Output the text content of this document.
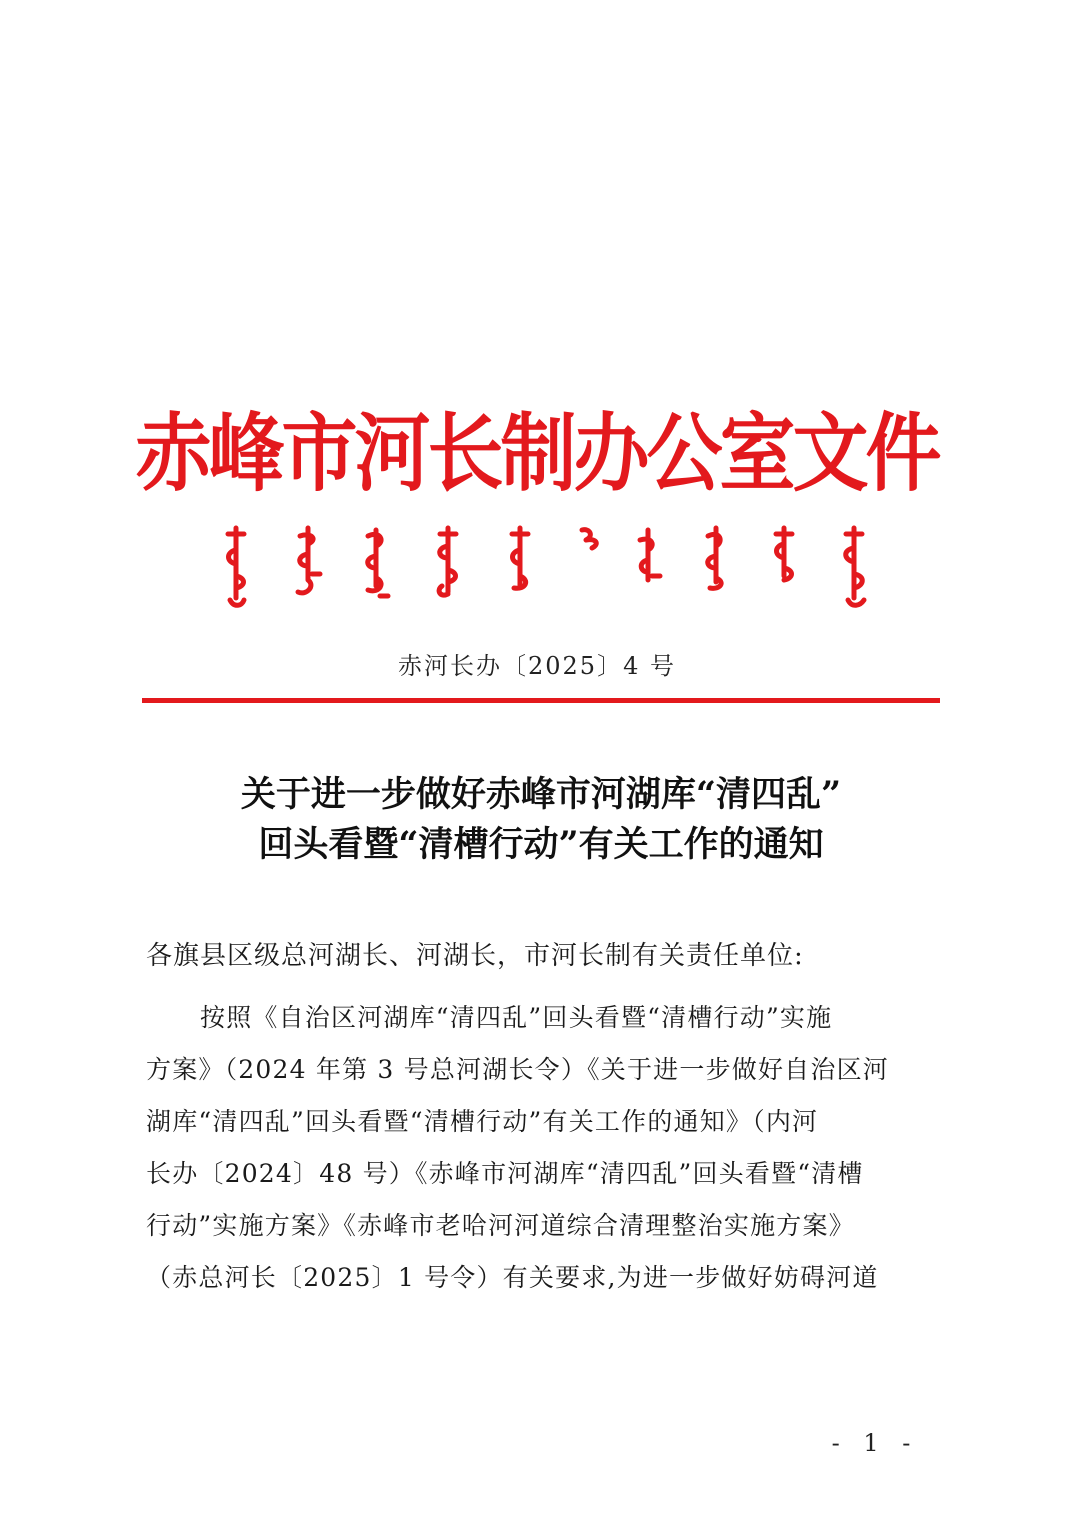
赤峰市河长制办公室文件
赤河长办〔2025〕4 号
关于进一步做好赤峰市河湖库“清四乱”
回头看暨“清槽行动”有关工作的通知
各旗县区级总河湖长、河湖长，市河长制有关责任单位:
按照《自治区河湖库“清四乱”回头看暨“清槽行动”实施
方案》（2024 年第 3 号总河湖长令）《关于进一步做好自治区河
湖库“清四乱”回头看暨“清槽行动”有关工作的通知》（内河
长办〔2024〕48 号）《赤峰市河湖库“清四乱”回头看暨“清槽
行动”实施方案》《赤峰市老哈河河道综合清理整治实施方案》
（赤总河长〔2025〕1 号令）有关要求,为进一步做好妨碍河道
- 1 -
